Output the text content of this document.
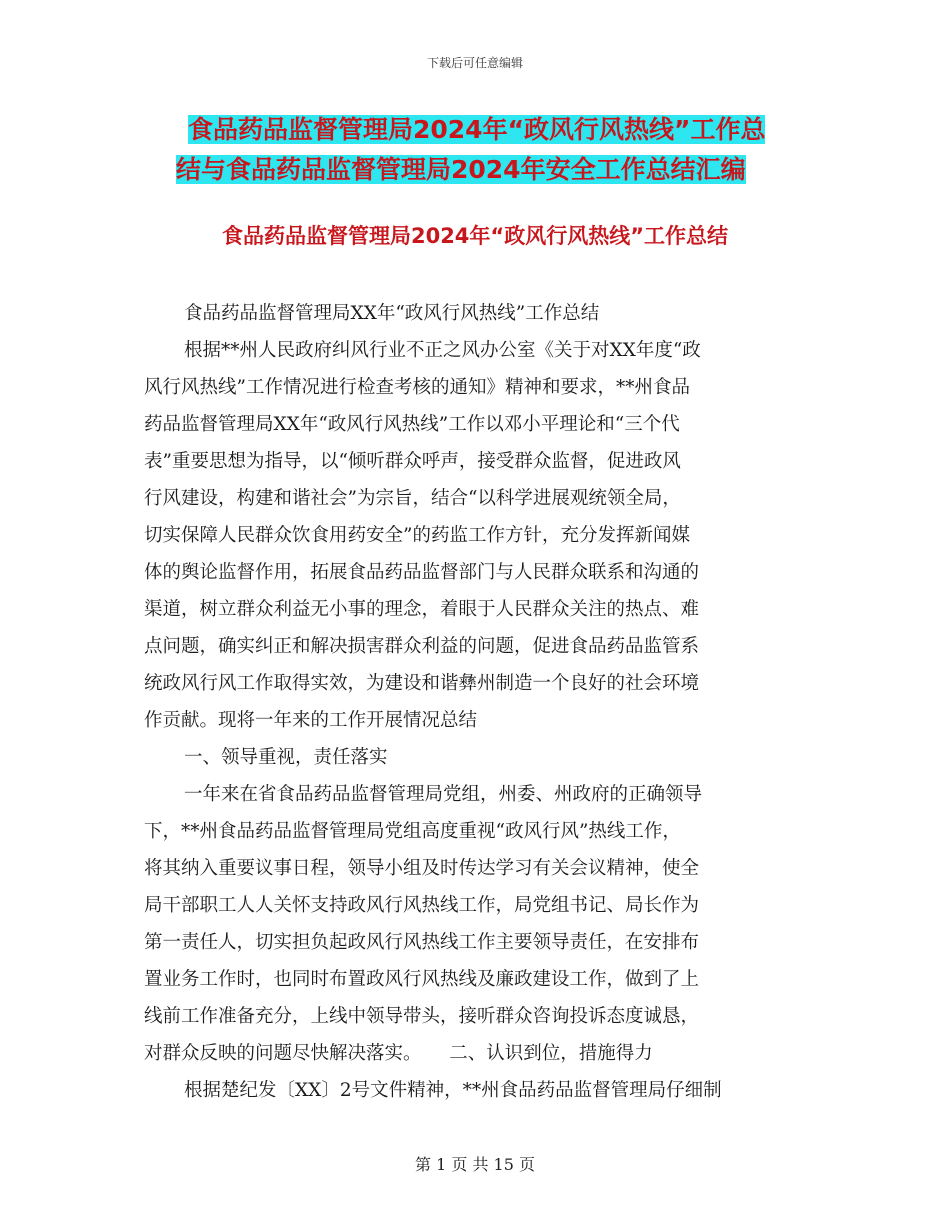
下载后可任意编辑
食品药品监督管理局2024年“政风行风热线”工作总
结与食品药品监督管理局2024年安全工作总结汇编
食品药品监督管理局2024年“政风行风热线”工作总结
食品药品监督管理局XX年“政风行风热线”工作总结
根据**州人民政府纠风行业不正之风办公室《关于对XX年度“政
风行风热线”工作情况进行检查考核的通知》精神和要求，**州食品
药品监督管理局XX年“政风行风热线”工作以邓小平理论和“三个代
表”重要思想为指导，以“倾听群众呼声，接受群众监督，促进政风
行风建设，构建和谐社会”为宗旨，结合“以科学进展观统领全局，
切实保障人民群众饮食用药安全”的药监工作方针，充分发挥新闻媒
体的舆论监督作用，拓展食品药品监督部门与人民群众联系和沟通的
渠道，树立群众利益无小事的理念，着眼于人民群众关注的热点、难
点问题，确实纠正和解决损害群众利益的问题，促进食品药品监管系
统政风行风工作取得实效，为建设和谐彝州制造一个良好的社会环境
作贡献。现将一年来的工作开展情况总结
一、领导重视，责任落实
一年来在省食品药品监督管理局党组，州委、州政府的正确领导
下，**州食品药品监督管理局党组高度重视“政风行风”热线工作，
将其纳入重要议事日程，领导小组及时传达学习有关会议精神，使全
局干部职工人人关怀支持政风行风热线工作，局党组书记、局长作为
第一责任人，切实担负起政风行风热线工作主要领导责任，在安排布
置业务工作时，也同时布置政风行风热线及廉政建设工作，做到了上
线前工作准备充分，上线中领导带头，接听群众咨询投诉态度诚恳，
对群众反映的问题尽快解决落实。　　二、认识到位，措施得力
根据楚纪发〔XX〕2号文件精神，**州食品药品监督管理局仔细制
第 1 页 共 15 页
